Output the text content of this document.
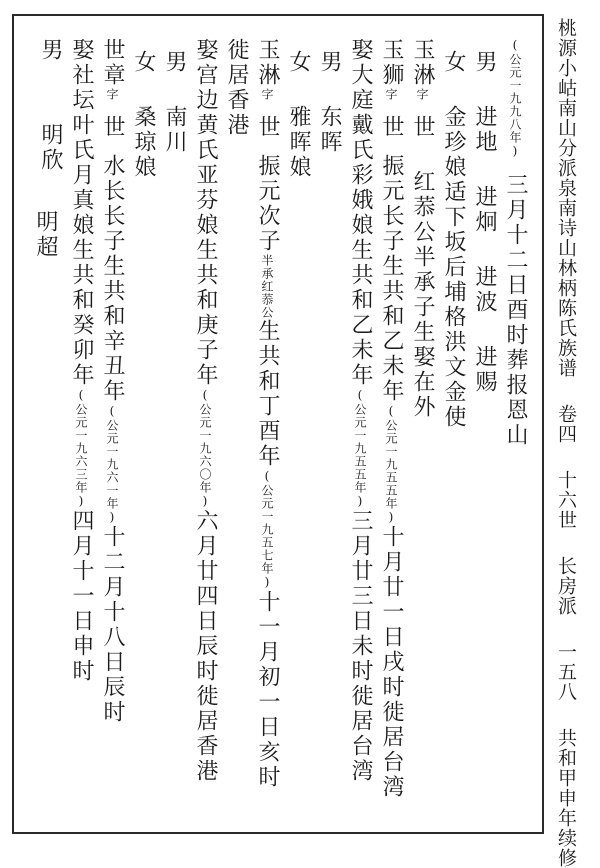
(公元一九九八年)三月十二日酉时葬报恩山
男进地进炯进波进赐
女金珍娘适下坂后埔格洪文金使
玉淋字世红菾公半承子生娶在外
玉狮字世振元长子生共和乙未年(公元一九五五年)十月廿一日戌时徙居台湾
娶大庭戴氏彩娥娘生共和乙未年(公元一九五五年)三月廿三日未时徙居台湾
男东晖
女雅晖娘
玉淋字世振元次子半承红菾公生共和丁酉年(公元一九五七年)十一月初一日亥时
徙居香港
娶宫边黄氏亚芬娘生共和庚子年(公元一九六〇年)六月廿四日辰时徙居香港
男南川
女桑琼娘
世章字世水长长子生共和辛丑年(公元一九六一年)十二月十八日辰时
娶社坛叶氏月真娘生共和癸卯年(公元一九六三年)四月十一日申时
男明欣
明超	桃源小岵南山分派泉南诗山林柄陈氏族谱卷四十六世长房派一五八共和甲申年续修
